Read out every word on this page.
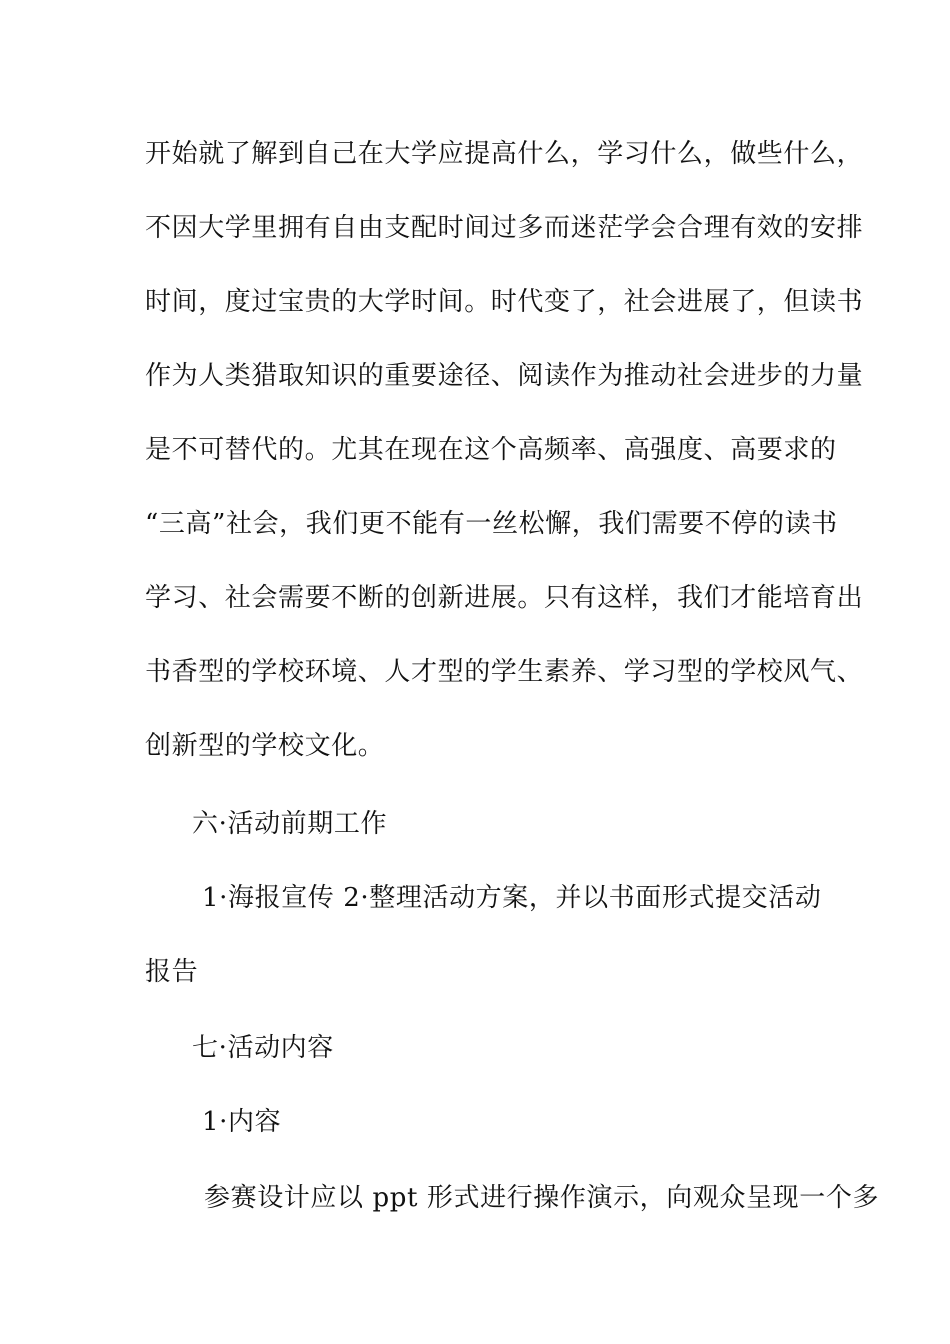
开始就了解到自己在大学应提高什么，学习什么，做些什么，
不因大学里拥有自由支配时间过多而迷茫学会合理有效的安排
时间，度过宝贵的大学时间。时代变了，社会进展了，但读书
作为人类猎取知识的重要途径、阅读作为推动社会进步的力量
是不可替代的。尤其在现在这个高频率、高强度、高要求的
“三高”社会，我们更不能有一丝松懈，我们需要不停的读书
学习、社会需要不断的创新进展。只有这样，我们才能培育出
书香型的学校环境、人才型的学生素养、学习型的学校风气、
创新型的学校文化。
六·活动前期工作
1·海报宣传 2·整理活动方案，并以书面形式提交活动
报告
七·活动内容
1·内容
参赛设计应以 ppt 形式进行操作演示，向观众呈现一个多
